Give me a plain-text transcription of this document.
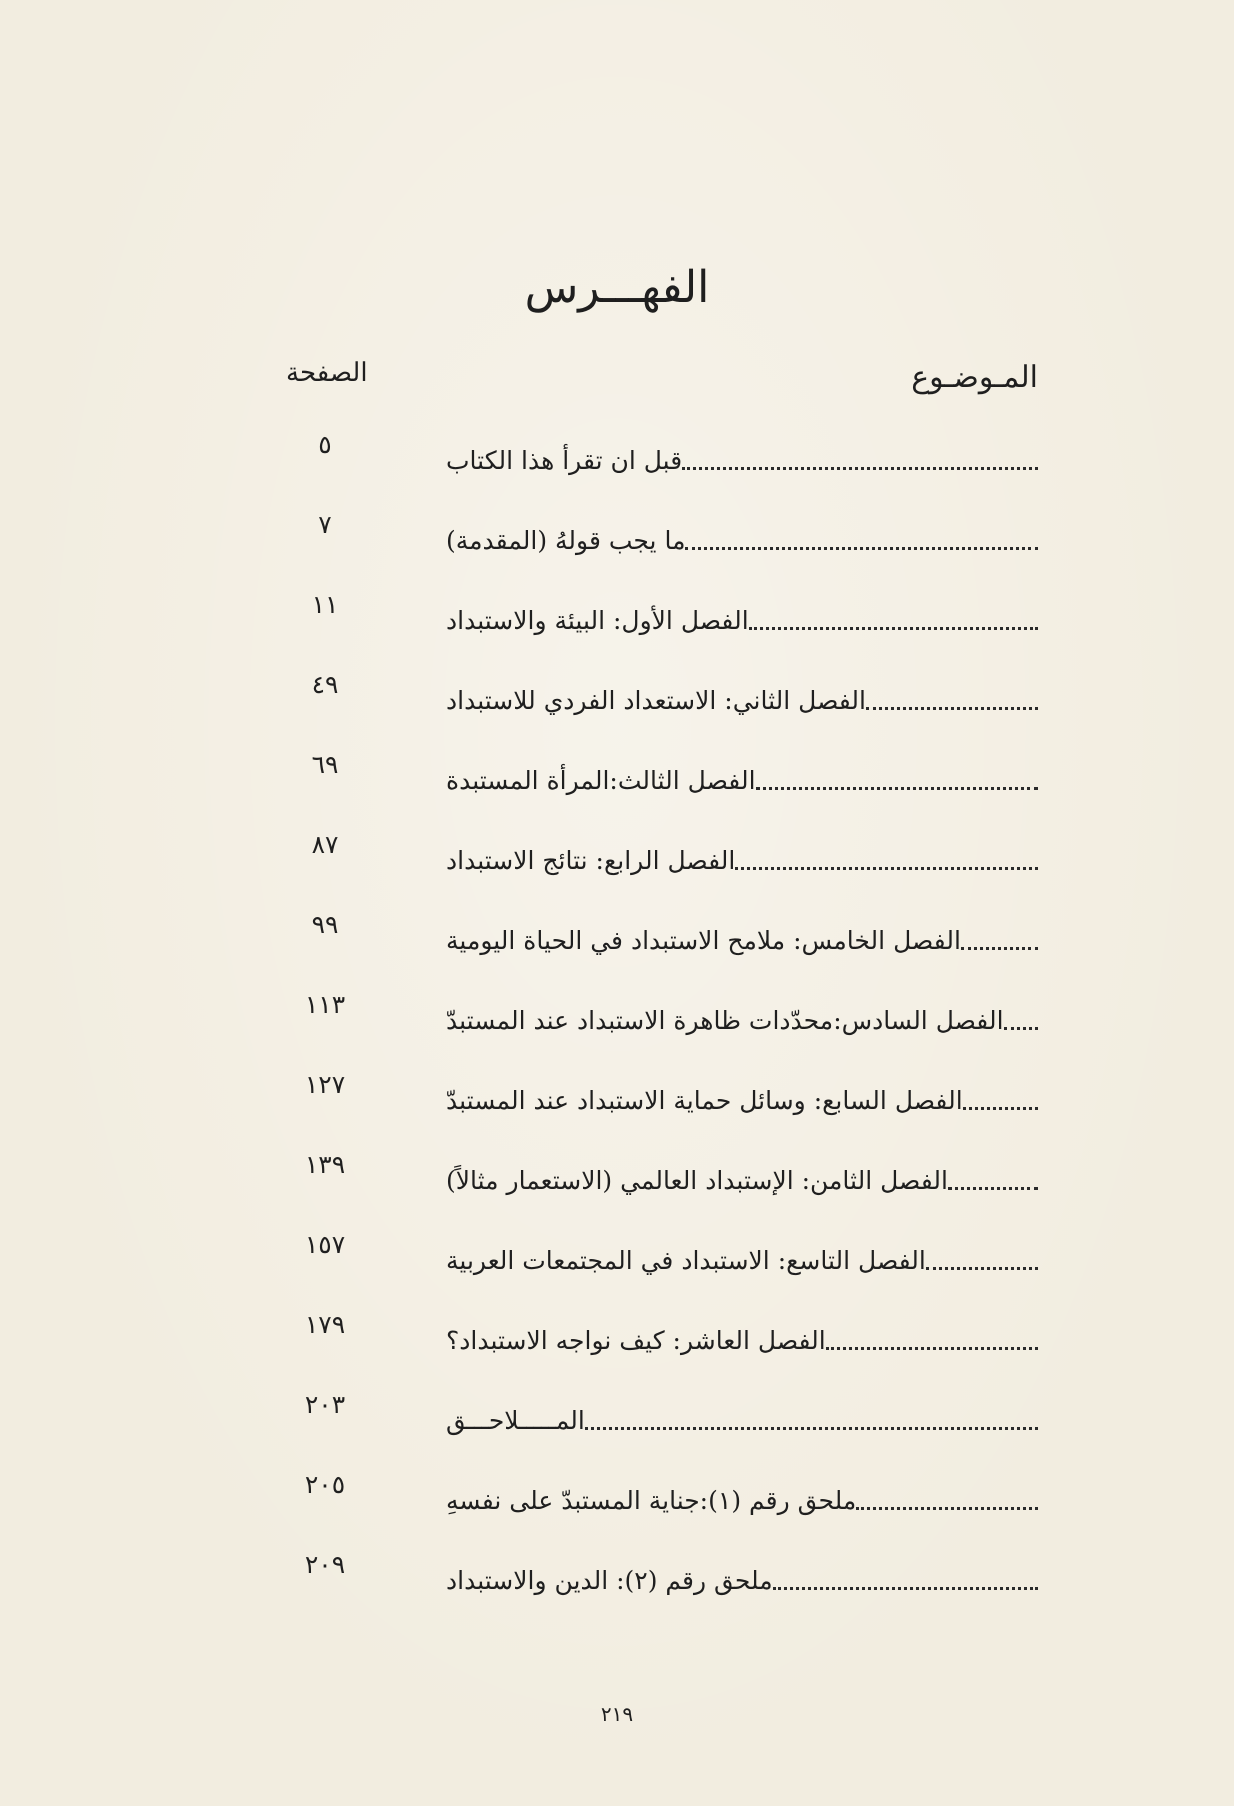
الفهـــرس
المـوضـوع
الصفحة
قبل ان تقرأ هذا الكتاب
٥
ما يجب قولهُ (المقدمة)
٧
الفصل الأول: البيئة والاستبداد
١١
الفصل الثاني: الاستعداد الفردي للاستبداد
٤٩
الفصل الثالث:المرأة المستبدة
٦٩
الفصل الرابع: نتائج الاستبداد
٨٧
الفصل الخامس: ملامح الاستبداد في الحياة اليومية
٩٩
الفصل السادس:محدّدات ظاهرة الاستبداد عند المستبدّ
١١٣
الفصل السابع: وسائل حماية الاستبداد عند المستبدّ
١٢٧
الفصل الثامن: الإستبداد العالمي (الاستعمار مثالاً)
١٣٩
الفصل التاسع: الاستبداد في المجتمعات العربية
١٥٧
الفصل العاشر: كيف نواجه الاستبداد؟
١٧٩
المـــــلاحـــق
٢٠٣
ملحق رقم (١):جناية المستبدّ على نفسهِ
٢٠٥
ملحق رقم (٢): الدين والاستبداد
٢٠٩
٢١٩
